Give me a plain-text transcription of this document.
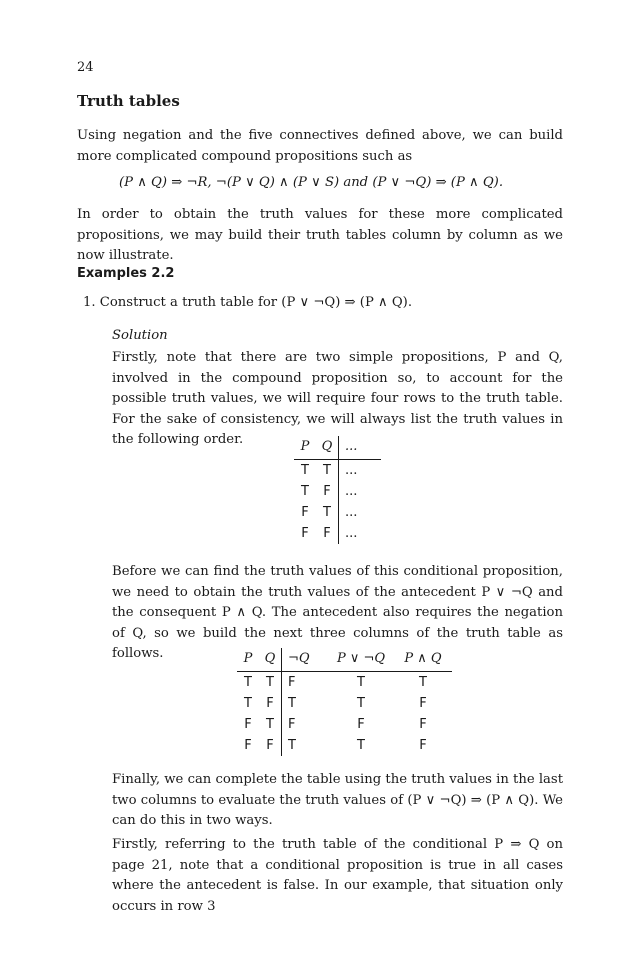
24
Truth tables

Using negation and the five connectives defined above, we can build more complicated compound propositions such as

(P ∧ Q) ⇒ ¬R, ¬(P ∨ Q) ∧ (P ∨ S) and (P ∨ ¬Q) ⇒ (P ∧ Q).

In order to obtain the truth values for these more complicated propositions, we may build their truth tables column by column as we now illustrate.

Examples 2.2
1. Construct a truth table for (P ∨ ¬Q) ⇒ (P ∧ Q).
Solution

Firstly, note that there are two simple propositions, P and Q, involved in the compound proposition so, to account for the possible truth values, we will require four rows to the truth table. For the sake of consistency, we will always list the truth values in the following order.	P	Q	...
T	T	...
T	F	...
F	T	...
F	F	...

Before we can find the truth values of this conditional proposition, we need to obtain the truth values of the antecedent P ∨ ¬Q and the consequent P ∧ Q. The antecedent also requires the negation of Q, so we build the next three columns of the truth table as follows.	P	Q	¬Q	P ∨ ¬Q	P ∧ Q
T	T	F	T	T
T	F	T	T	F
F	T	F	F	F
F	F	T	T	F

Finally, we can complete the table using the truth values in the last two columns to evaluate the truth values of (P ∨ ¬Q) ⇒ (P ∧ Q). We can do this in two ways.

Firstly, referring to the truth table of the conditional P ⇒ Q on page 21, note that a conditional proposition is true in all cases where the antecedent is false. In our example, that situation only occurs in row 3
